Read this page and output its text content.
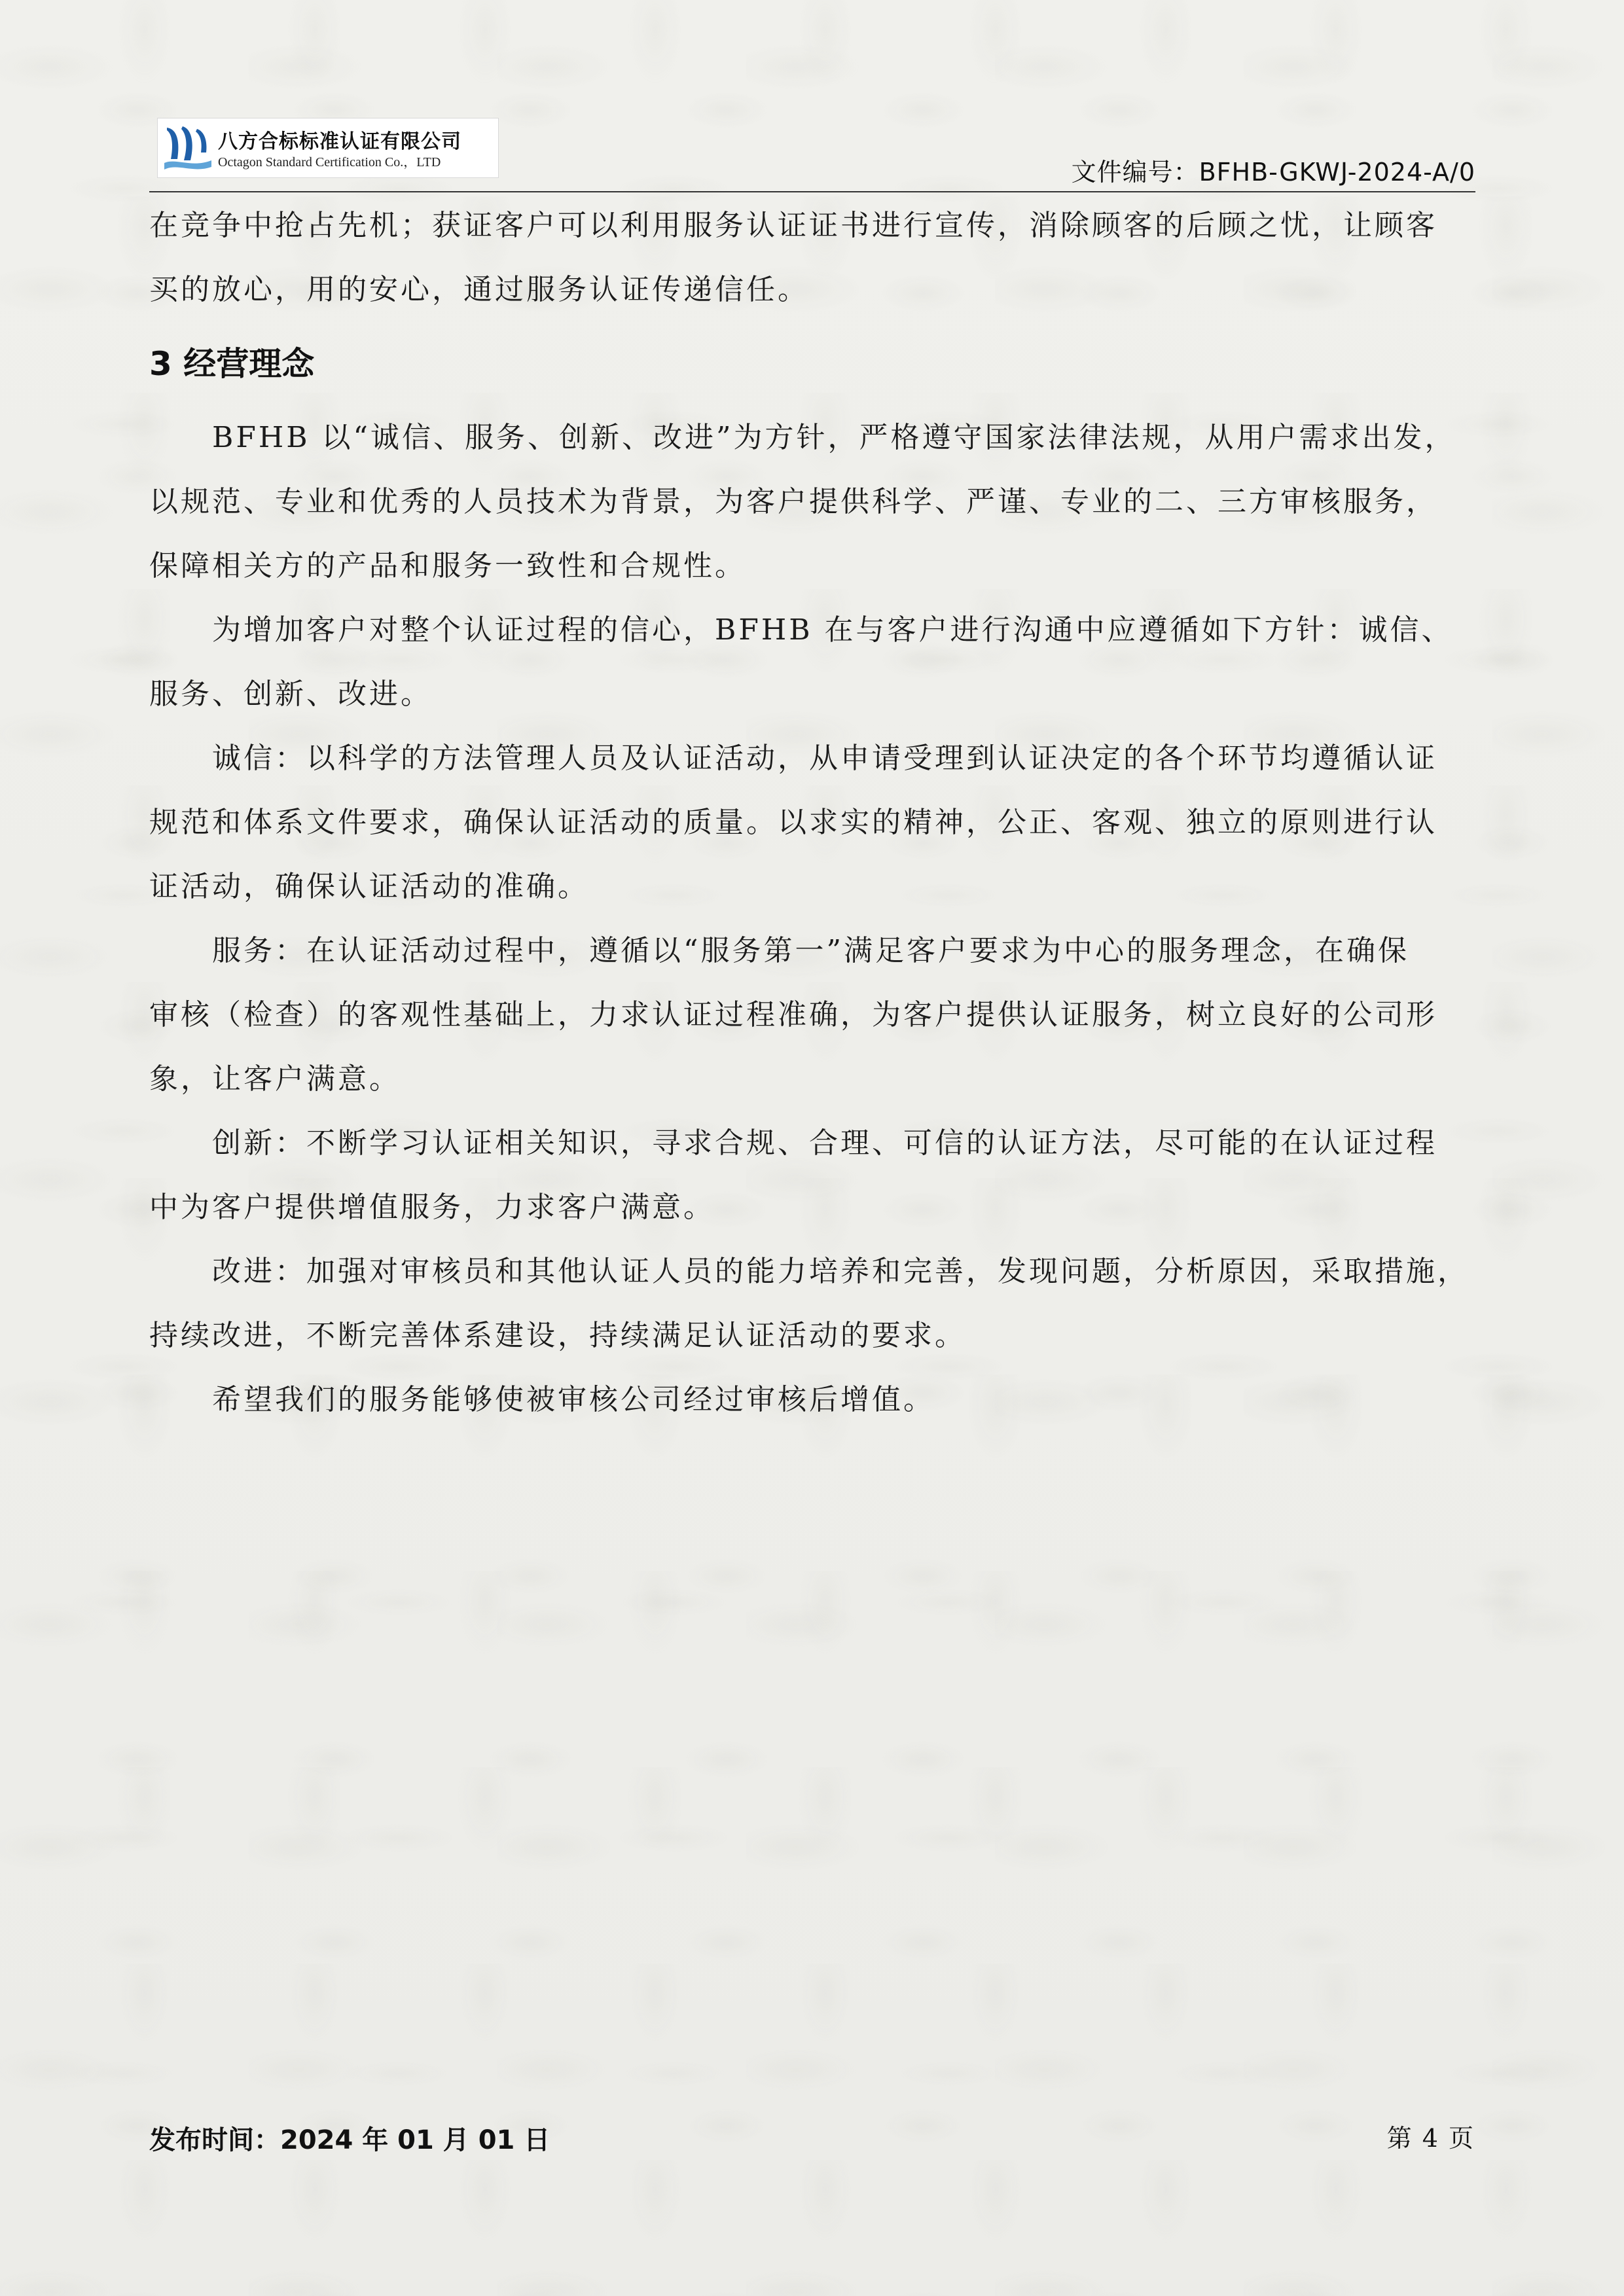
八方合标标准认证有限公司
Octagon Standard Certification Co.，LTD	文件编号：BFHB-GKWJ-2024-A/0

在竞争中抢占先机；获证客户可以利用服务认证证书进行宣传，消除顾客的后顾之忧，让顾客
买的放心，用的安心，通过服务认证传递信任。

3 经营理念

BFHB 以“诚信、服务、创新、改进”为方针，严格遵守国家法律法规，从用户需求出发，
以规范、专业和优秀的人员技术为背景，为客户提供科学、严谨、专业的二、三方审核服务，
保障相关方的产品和服务一致性和合规性。

为增加客户对整个认证过程的信心，BFHB 在与客户进行沟通中应遵循如下方针：诚信、
服务、创新、改进。

诚信：以科学的方法管理人员及认证活动，从申请受理到认证决定的各个环节均遵循认证
规范和体系文件要求，确保认证活动的质量。以求实的精神，公正、客观、独立的原则进行认
证活动，确保认证活动的准确。

服务：在认证活动过程中，遵循以“服务第一”满足客户要求为中心的服务理念，在确保
审核（检查）的客观性基础上，力求认证过程准确，为客户提供认证服务，树立良好的公司形
象，让客户满意。

创新：不断学习认证相关知识，寻求合规、合理、可信的认证方法，尽可能的在认证过程
中为客户提供增值服务，力求客户满意。

改进：加强对审核员和其他认证人员的能力培养和完善，发现问题，分析原因，采取措施，
持续改进，不断完善体系建设，持续满足认证活动的要求。

希望我们的服务能够使被审核公司经过审核后增值。

发布时间：2024 年 01 月 01 日	第 4 页
